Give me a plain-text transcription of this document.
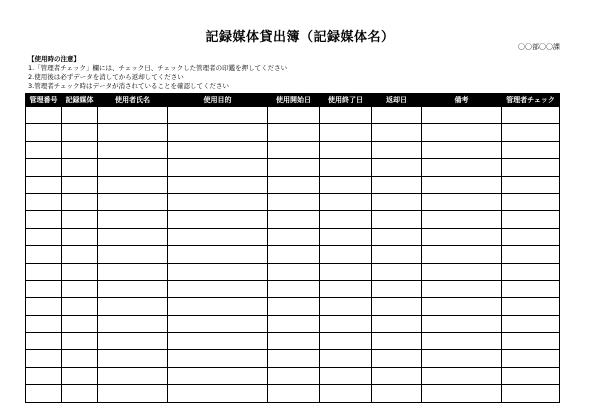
記録媒体貸出簿（記録媒体名）
〇〇部〇〇課
【使用時の注意】
1.「管理者チェック」欄には、チェック日、チェックした管理者の印鑑を押してください
2.使用後は必ずデータを消してから返却してください
3.管理者チェック時はデータが消されていることを確認してください
管理番号	記録媒体	使用者氏名	使用目的	使用開始日	使用終了日	返却日	備考	管理者チェック
